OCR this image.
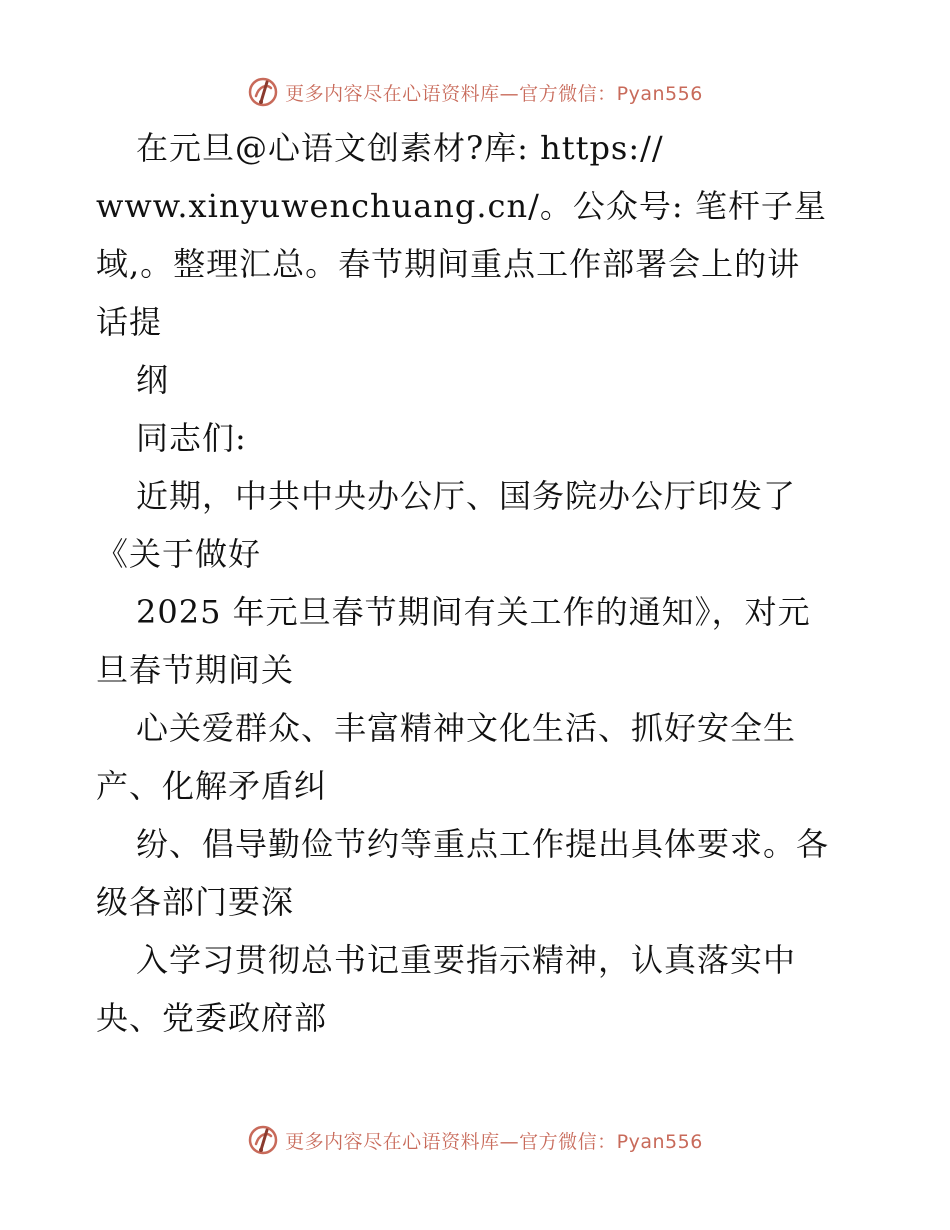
更多内容尽在心语资料库—官方微信：Pyan556
在元旦@心语文创素材?库: https://
www.xinyuwenchuang.cn/。公众号: 笔杆子星
域,。整理汇总。春节期间重点工作部署会上的讲
话提
纲
同志们:
近期，中共中央办公厅、国务院办公厅印发了
《关于做好
2025 年元旦春节期间有关工作的通知》，对元
旦春节期间关
心关爱群众、丰富精神文化生活、抓好安全生
产、化解矛盾纠
纷、倡导勤俭节约等重点工作提出具体要求。各
级各部门要深
入学习贯彻总书记重要指示精神，认真落实中
央、党委政府部
更多内容尽在心语资料库—官方微信：Pyan556
